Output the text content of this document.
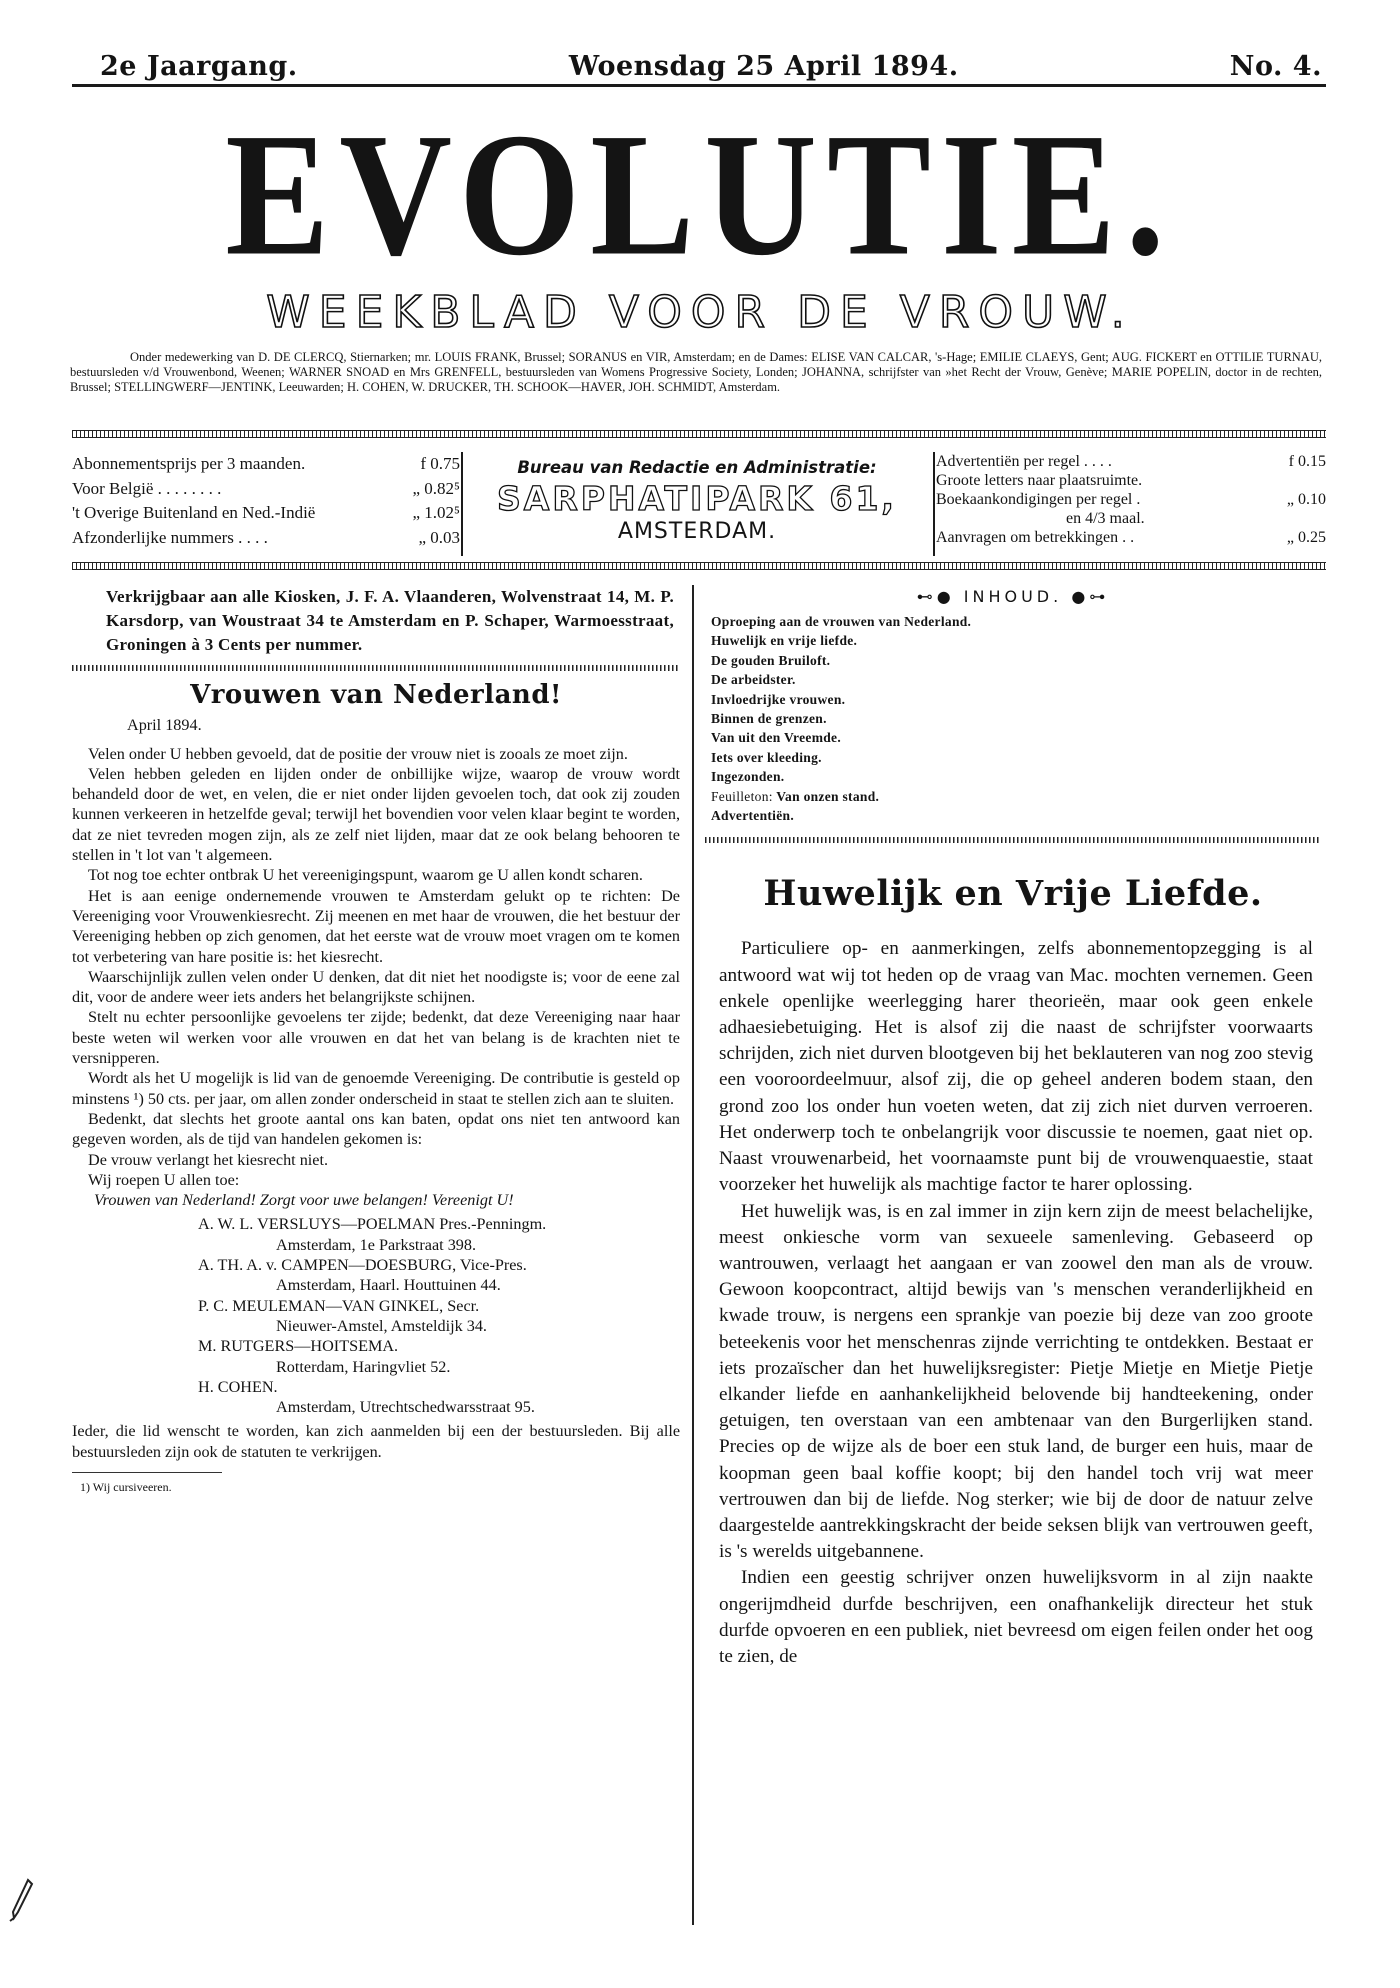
2e Jaargang.	Woensdag 25 April 1894.	No. 4.
EVOLUTIE.
WEEKBLAD VOOR DE VROUW.
Onder medewerking van D. DE CLERCQ, Stiernarken; mr. LOUIS FRANK, Brussel; SORANUS en VIR, Amsterdam; en de Dames: ELISE VAN CALCAR, 's-Hage; EMILIE CLAEYS, Gent; AUG. FICKERT en OTTILIE TURNAU, bestuursleden v/d Vrouwenbond, Weenen; WARNER SNOAD en Mrs GRENFELL, bestuursleden van Womens Progressive Society, Londen; JOHANNA, schrijfster van »het Recht der Vrouw, Genève; MARIE POPELIN, doctor in de rechten, Brussel; STELLINGWERF—JENTINK, Leeuwarden; H. COHEN, W. DRUCKER, TH. SCHOOK—HAVER, JOH. SCHMIDT, Amsterdam.
Abonnementsprijs per 3 maanden.	f 0.75
Voor België . . . . . . . .	„ 0.82⁵
't Overige Buitenland en Ned.-Indië	„ 1.02⁵
Afzonderlijke nummers . . . .	„ 0.03
Bureau van Redactie en Administratie:
SARPHATIPARK 61,
AMSTERDAM.
Advertentiën per regel . . . .	f 0.15
Groote letters naar plaatsruimte.
Boekaankondigingen per regel .	„ 0.10
en 4/3 maal.
Aanvragen om betrekkingen . .	„ 0.25
Verkrijgbaar aan alle Kiosken, J. F. A. Vlaanderen, Wolvenstraat 14, M. P. Karsdorp, van Woustraat 34 te Amsterdam en P. Schaper, Warmoesstraat, Groningen à 3 Cents per nummer.
Vrouwen van Nederland!
April 1894.

Velen onder U hebben gevoeld, dat de positie der vrouw niet is zooals ze moet zijn.

Velen hebben geleden en lijden onder de onbillijke wijze, waarop de vrouw wordt behandeld door de wet, en velen, die er niet onder lijden gevoelen toch, dat ook zij zouden kunnen verkeeren in hetzelfde geval; terwijl het bovendien voor velen klaar begint te worden, dat ze niet tevreden mogen zijn, als ze zelf niet lijden, maar dat ze ook belang behooren te stellen in 't lot van 't algemeen.

Tot nog toe echter ontbrak U het vereenigingspunt, waarom ge U allen kondt scharen.

Het is aan eenige ondernemende vrouwen te Amsterdam gelukt op te richten: De Vereeniging voor Vrouwenkiesrecht. Zij meenen en met haar de vrouwen, die het bestuur der Vereeniging hebben op zich genomen, dat het eerste wat de vrouw moet vragen om te komen tot verbetering van hare positie is: het kiesrecht.

Waarschijnlijk zullen velen onder U denken, dat dit niet het noodigste is; voor de eene zal dit, voor de andere weer iets anders het belangrijkste schijnen.

Stelt nu echter persoonlijke gevoelens ter zijde; bedenkt, dat deze Vereeniging naar haar beste weten wil werken voor alle vrouwen en dat het van belang is de krachten niet te versnipperen.

Wordt als het U mogelijk is lid van de genoemde Vereeniging. De contributie is gesteld op minstens ¹) 50 cts. per jaar, om allen zonder onderscheid in staat te stellen zich aan te sluiten.

Bedenkt, dat slechts het groote aantal ons kan baten, opdat ons niet ten antwoord kan gegeven worden, als de tijd van handelen gekomen is:

De vrouw verlangt het kiesrecht niet.

Wij roepen U allen toe:

Vrouwen van Nederland! Zorgt voor uwe belangen! Vereenigt U!

A. W. L. VERSLUYS—POELMAN Pres.-Penningm.
Amsterdam, 1e Parkstraat 398.
A. TH. A. v. CAMPEN—DOESBURG, Vice-Pres.
Amsterdam, Haarl. Houttuinen 44.
P. C. MEULEMAN—VAN GINKEL, Secr.
Nieuwer-Amstel, Amsteldijk 34.
M. RUTGERS—HOITSEMA.
Rotterdam, Haringvliet 52.
H. COHEN.
Amsterdam, Utrechtschedwarsstraat 95.

Ieder, die lid wenscht te worden, kan zich aanmelden bij een der bestuursleden. Bij alle bestuursleden zijn ook de statuten te verkrijgen.

1) Wij cursiveeren.
⊷● INHOUD. ●⊶
Oproeping aan de vrouwen van Nederland.
Huwelijk en vrije liefde.
De gouden Bruiloft.
De arbeidster.
Invloedrijke vrouwen.
Binnen de grenzen.
Van uit den Vreemde.
Iets over kleeding.
Ingezonden.
Feuilleton: Van onzen stand.
Advertentiën.
Huwelijk en Vrije Liefde.

Particuliere op- en aanmerkingen, zelfs abonnementopzegging is al antwoord wat wij tot heden op de vraag van Mac. mochten vernemen. Geen enkele openlijke weerlegging harer theorieën, maar ook geen enkele adhaesiebetuiging. Het is alsof zij die naast de schrijfster voorwaarts schrijden, zich niet durven blootgeven bij het beklauteren van nog zoo stevig een vooroordeelmuur, alsof zij, die op geheel anderen bodem staan, den grond zoo los onder hun voeten weten, dat zij zich niet durven verroeren. Het onderwerp toch te onbelangrijk voor discussie te noemen, gaat niet op. Naast vrouwenarbeid, het voornaamste punt bij de vrouwenquaestie, staat voorzeker het huwelijk als machtige factor te harer oplossing.

Het huwelijk was, is en zal immer in zijn kern zijn de meest belachelijke, meest onkiesche vorm van sexueele samenleving. Gebaseerd op wantrouwen, verlaagt het aangaan er van zoowel den man als de vrouw. Gewoon koopcontract, altijd bewijs van 's menschen veranderlijkheid en kwade trouw, is nergens een sprankje van poezie bij deze van zoo groote beteekenis voor het menschenras zijnde verrichting te ontdekken. Bestaat er iets prozaïscher dan het huwelijksregister: Pietje Mietje en Mietje Pietje elkander liefde en aanhankelijkheid belovende bij handteekening, onder getuigen, ten overstaan van een ambtenaar van den Burgerlijken stand. Precies op de wijze als de boer een stuk land, de burger een huis, maar de koopman geen baal koffie koopt; bij den handel toch vrij wat meer vertrouwen dan bij de liefde. Nog sterker; wie bij de door de natuur zelve daargestelde aantrekkingskracht der beide seksen blijk van vertrouwen geeft, is 's werelds uitgebannene.

Indien een geestig schrijver onzen huwelijksvorm in al zijn naakte ongerijmdheid durfde beschrijven, een onafhankelijk directeur het stuk durfde opvoeren en een publiek, niet bevreesd om eigen feilen onder het oog te zien, de
